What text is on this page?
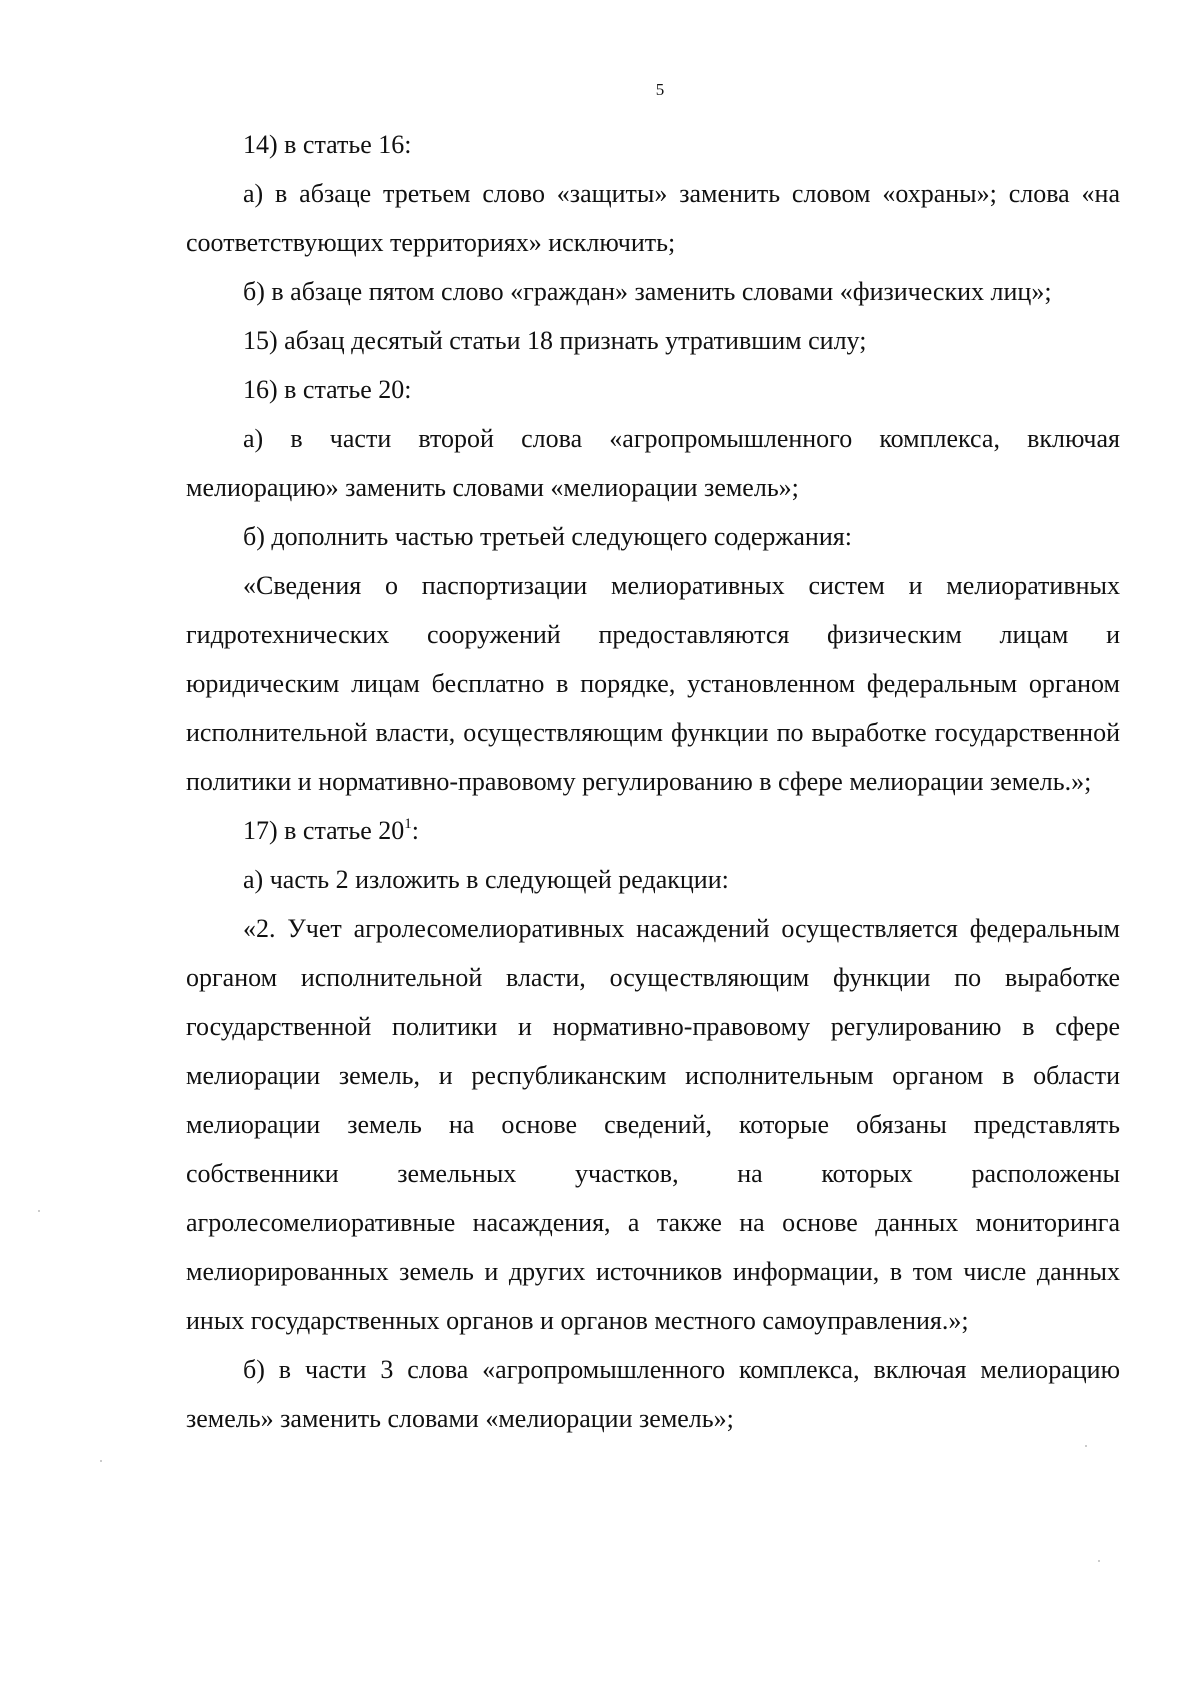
5

14) в статье 16:

а) в абзаце третьем слово «защиты» заменить словом «охраны»; слова «на соответствующих территориях» исключить;

б) в абзаце пятом слово «граждан» заменить словами «физических лиц»;

15) абзац десятый статьи 18 признать утратившим силу;

16) в статье 20:

а) в части второй слова «агропромышленного комплекса, включая мелиорацию» заменить словами «мелиорации земель»;

б) дополнить частью третьей следующего содержания:

«Сведения о паспортизации мелиоративных систем и мелиоративных гидротехнических сооружений предоставляются физическим лицам и юридическим лицам бесплатно в порядке, установленном федеральным органом исполнительной власти, осуществляющим функции по выработке государственной политики и нормативно-правовому регулированию в сфере мелиорации земель.»;

17) в статье $20^1$:

а) часть 2 изложить в следующей редакции:

«2. Учет агролесомелиоративных насаждений осуществляется федеральным органом исполнительной власти, осуществляющим функции по выработке государственной политики и нормативно-правовому регулированию в сфере мелиорации земель, и республиканским исполнительным органом в области мелиорации земель на основе сведений, которые обязаны представлять собственники земельных участков, на которых расположены агролесомелиоративные насаждения, а также на основе данных мониторинга мелиорированных земель и других источников информации, в том числе данных иных государственных органов и органов местного самоуправления.»;

б) в части 3 слова «агропромышленного комплекса, включая мелиорацию земель» заменить словами «мелиорации земель»;
